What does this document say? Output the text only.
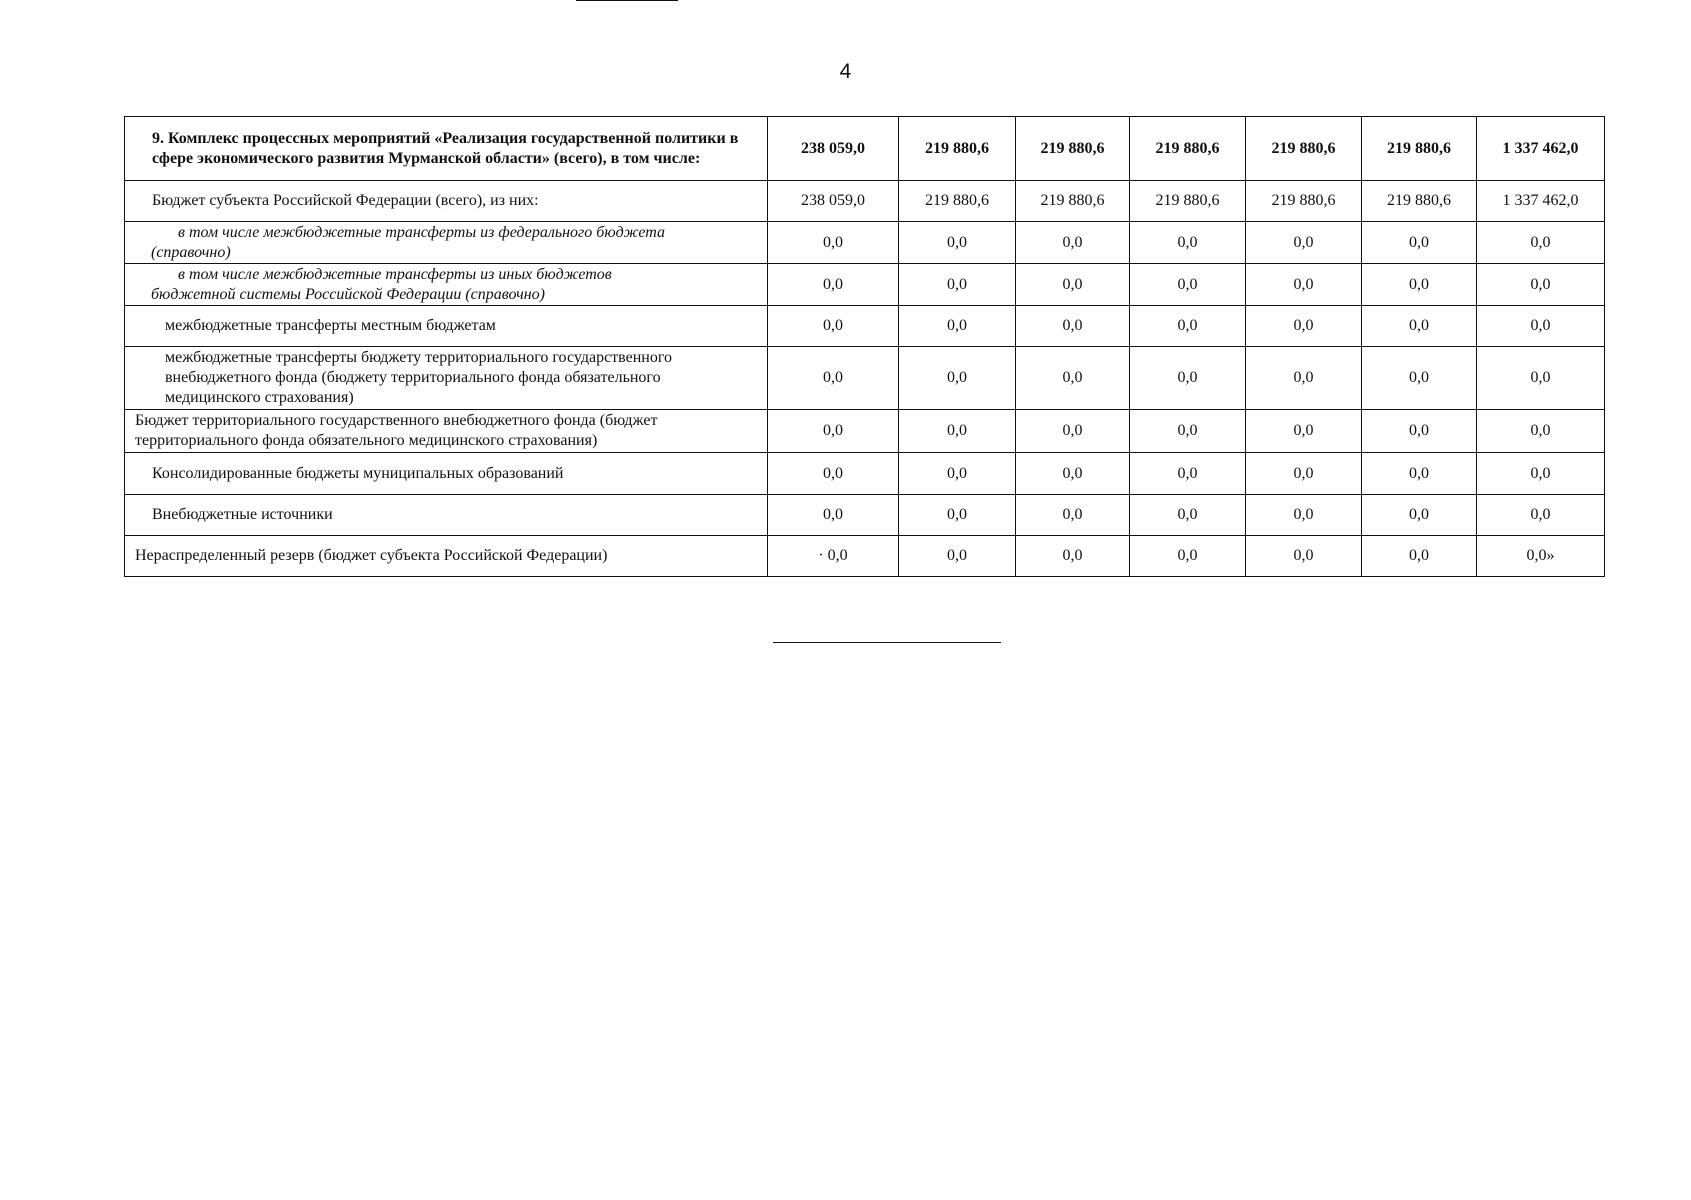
4
9. Комплекс процессных мероприятий «Реализация государственной политики в сфере экономического развития Мурманской области» (всего), в том числе:	238 059,0	219 880,6	219 880,6	219 880,6	219 880,6	219 880,6	1 337 462,0
Бюджет субъекта Российской Федерации (всего), из них:	238 059,0	219 880,6	219 880,6	219 880,6	219 880,6	219 880,6	1 337 462,0

в том числе межбюджетные трансферты из федерального бюджета
(справочно)	0,0	0,0	0,0	0,0	0,0	0,0	0,0

в том числе межбюджетные трансферты из иных бюджетов
бюджетной системы Российской Федерации (справочно)	0,0	0,0	0,0	0,0	0,0	0,0	0,0
межбюджетные трансферты местным бюджетам	0,0	0,0	0,0	0,0	0,0	0,0	0,0
межбюджетные трансферты бюджету территориального государственного внебюджетного фонда (бюджету территориального фонда обязательного медицинского страхования)	0,0	0,0	0,0	0,0	0,0	0,0	0,0
Бюджет территориального государственного внебюджетного фонда (бюджет территориального фонда обязательного медицинского страхования)	0,0	0,0	0,0	0,0	0,0	0,0	0,0
Консолидированные бюджеты муниципальных образований	0,0	0,0	0,0	0,0	0,0	0,0	0,0
Внебюджетные источники	0,0	0,0	0,0	0,0	0,0	0,0	0,0
Нераспределенный резерв (бюджет субъекта Российской Федерации)	· 0,0	0,0	0,0	0,0	0,0	0,0	0,0»
